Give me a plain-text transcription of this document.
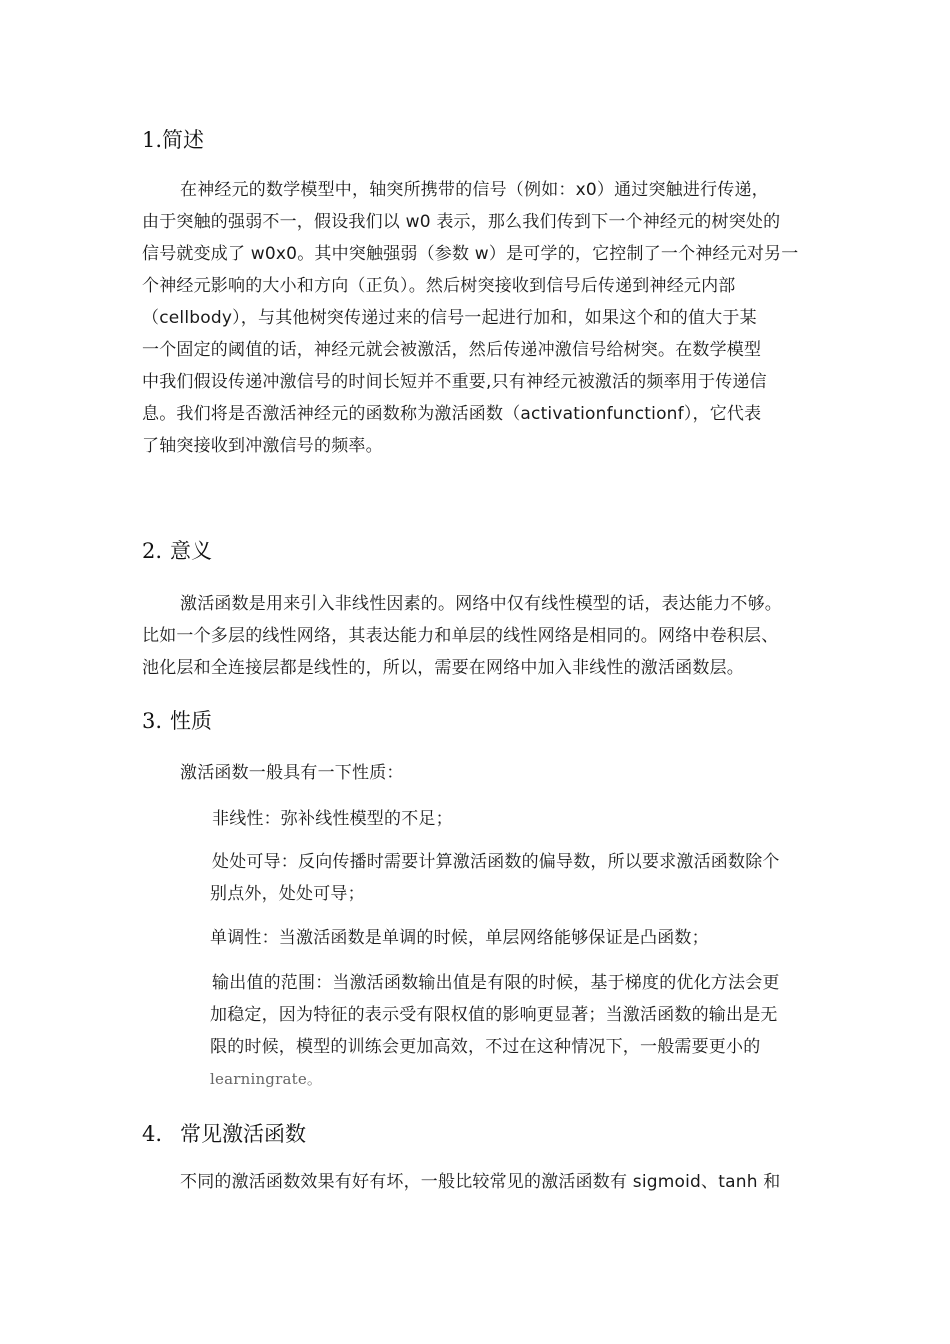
1.简述
在神经元的数学模型中，轴突所携带的信号（例如：x0）通过突触进行传递，
由于突触的强弱不一，假设我们以 w0 表示，那么我们传到下一个神经元的树突处的
信号就变成了 w0x0。其中突触强弱（参数 w）是可学的，它控制了一个神经元对另一
个神经元影响的大小和方向（正负）。然后树突接收到信号后传递到神经元内部
（cellbody），与其他树突传递过来的信号一起进行加和，如果这个和的值大于某
一个固定的阈值的话，神经元就会被激活，然后传递冲激信号给树突。在数学模型
中我们假设传递冲激信号的时间长短并不重要,只有神经元被激活的频率用于传递信
息。我们将是否激活神经元的函数称为激活函数（activationfunctionf），它代表
了轴突接收到冲激信号的频率。
2. 意义
激活函数是用来引入非线性因素的。网络中仅有线性模型的话，表达能力不够。
比如一个多层的线性网络，其表达能力和单层的线性网络是相同的。网络中卷积层、
池化层和全连接层都是线性的，所以，需要在网络中加入非线性的激活函数层。
3. 性质
激活函数一般具有一下性质：
非线性：弥补线性模型的不足；
处处可导：反向传播时需要计算激活函数的偏导数，所以要求激活函数除个
别点外，处处可导；
单调性：当激活函数是单调的时候，单层网络能够保证是凸函数；
输出值的范围：当激活函数输出值是有限的时候，基于梯度的优化方法会更
加稳定，因为特征的表示受有限权值的影响更显著；当激活函数的输出是无
限的时候，模型的训练会更加高效，不过在这种情况下，一般需要更小的
learningrate。
4. 常见激活函数
不同的激活函数效果有好有坏，一般比较常见的激活函数有 sigmoid、tanh 和
